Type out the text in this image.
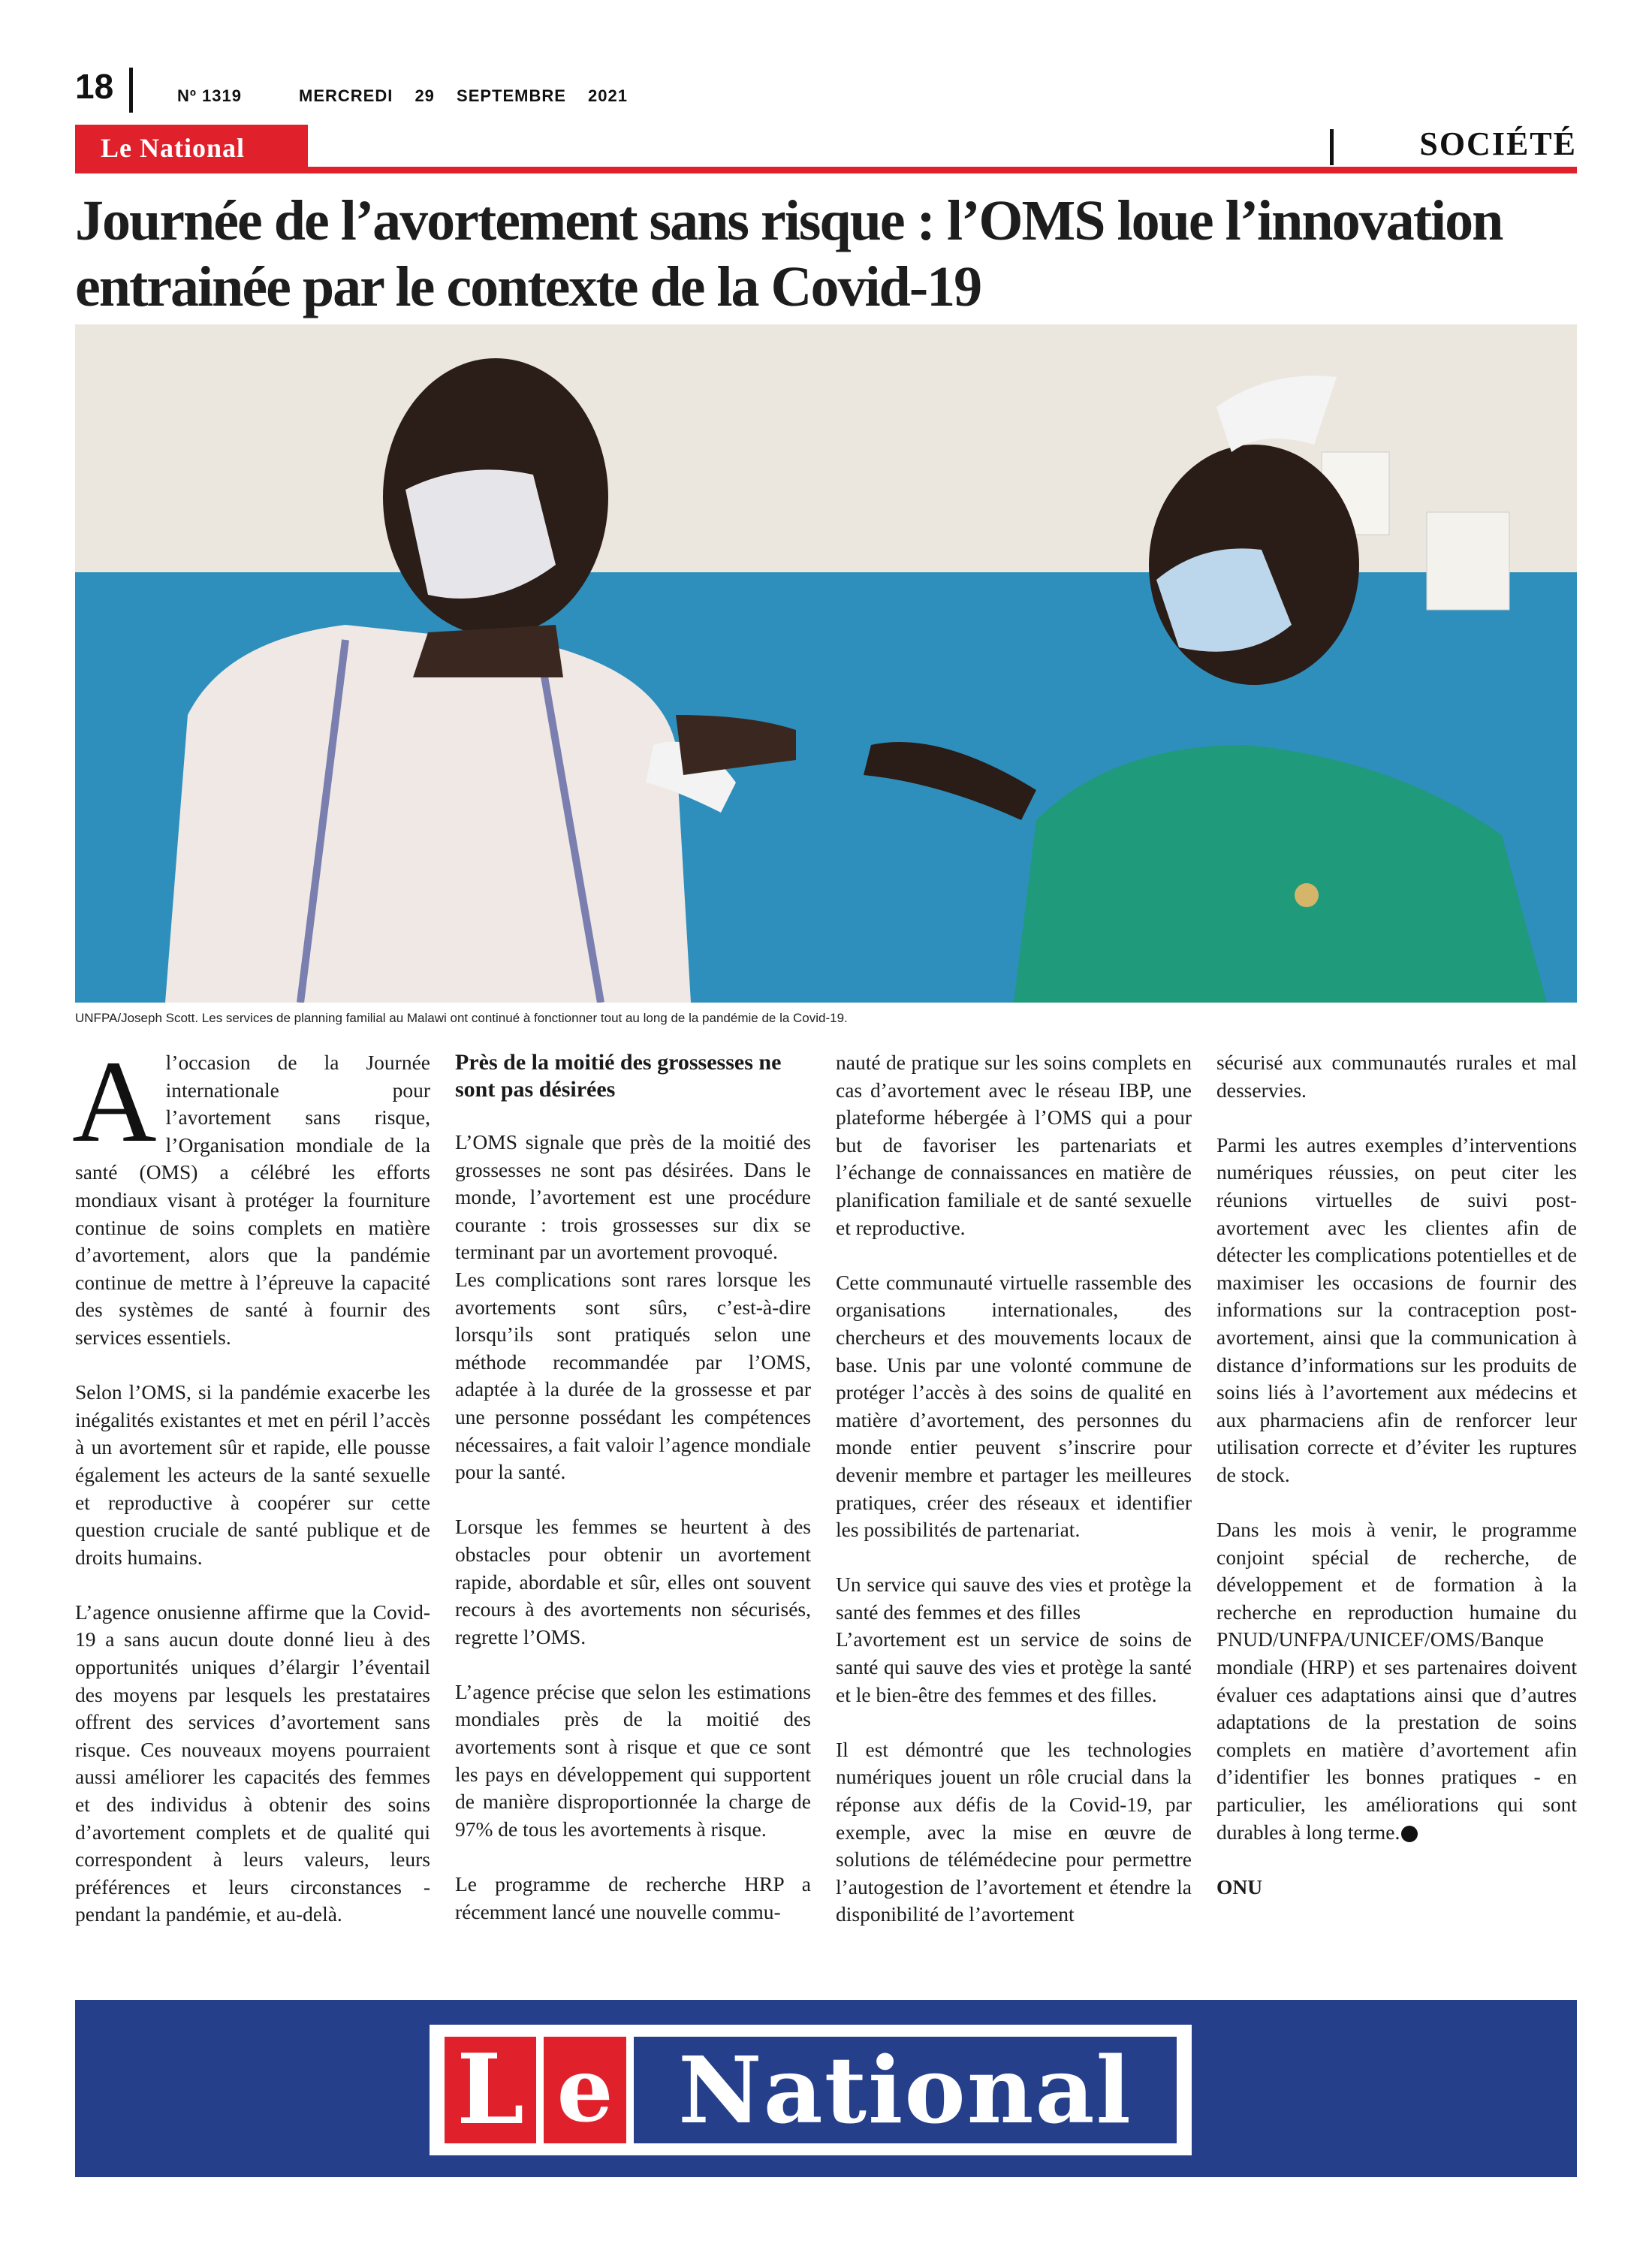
18	Nº 1319	MERCREDI 29 SEPTEMBRE 2021
Le National	SOCIÉTÉ
Journée de l’avortement sans risque : l’OMS loue l’innovation entrainée par le contexte de la Covid-19
UNFPA/Joseph Scott. Les services de planning familial au Malawi ont continué à fonctionner tout au long de la pandémie de la Covid-19.

Al’occasion de la Journée internationale pour l’avortement sans risque, l’Organisation mondiale de la santé (OMS) a célébré les efforts mondiaux visant à protéger la fourniture continue de soins complets en matière d’avortement, alors que la pandémie continue de mettre à l’épreuve la capacité des systèmes de santé à fournir des services essentiels.

Selon l’OMS, si la pandémie exacerbe les inégalités existantes et met en péril l’accès à un avortement sûr et rapide, elle pousse également les acteurs de la santé sexuelle et reproductive à coopérer sur cette question cruciale de santé publique et de droits humains.

L’agence onusienne affirme que la Covid-19 a sans aucun doute donné lieu à des opportunités uniques d’élargir l’éventail des moyens par lesquels les prestataires offrent des services d’avortement sans risque. Ces nouveaux moyens pourraient aussi améliorer les capacités des femmes et des individus à obtenir des soins d’avortement complets et de qualité qui correspondent à leurs valeurs, leurs préférences et leurs circonstances - pendant la pandémie, et au-delà.

Près de la moitié des grossesses ne sont pas désirées

L’OMS signale que près de la moitié des grossesses ne sont pas désirées. Dans le monde, l’avortement est une procédure courante : trois grossesses sur dix se terminant par un avortement provoqué.

Les complications sont rares lorsque les avortements sont sûrs, c’est-à-dire lorsqu’ils sont pratiqués selon une méthode recommandée par l’OMS, adaptée à la durée de la grossesse et par une personne possédant les compétences nécessaires, a fait valoir l’agence mondiale pour la santé.

Lorsque les femmes se heurtent à des obstacles pour obtenir un avortement rapide, abordable et sûr, elles ont souvent recours à des avortements non sécurisés, regrette l’OMS.

L’agence précise que selon les estimations mondiales près de la moitié des avortements sont à risque et que ce sont les pays en développement qui supportent de manière disproportionnée la charge de 97% de tous les avortements à risque.

Le programme de recherche HRP a récemment lancé une nouvelle commu-

nauté de pratique sur les soins complets en cas d’avortement avec le réseau IBP, une plateforme hébergée à l’OMS qui a pour but de favoriser les partenariats et l’échange de connaissances en matière de planification familiale et de santé sexuelle et reproductive.

Cette communauté virtuelle rassemble des organisations internationales, des chercheurs et des mouvements locaux de base. Unis par une volonté commune de protéger l’accès à des soins de qualité en matière d’avortement, des personnes du monde entier peuvent s’inscrire pour devenir membre et partager les meilleures pratiques, créer des réseaux et identifier les possibilités de partenariat.

Un service qui sauve des vies et protège la santé des femmes et des filles

L’avortement est un service de soins de santé qui sauve des vies et protège la santé et le bien-être des femmes et des filles.

Il est démontré que les technologies numériques jouent un rôle crucial dans la réponse aux défis de la Covid-19, par exemple, avec la mise en œuvre de solutions de télémédecine pour permettre l’autogestion de l’avortement et étendre la disponibilité de l’avortement

sécurisé aux communautés rurales et mal desservies.

Parmi les autres exemples d’interventions numériques réussies, on peut citer les réunions virtuelles de suivi post-avortement avec les clientes afin de détecter les complications potentielles et de maximiser les occasions de fournir des informations sur la contraception post-avortement, ainsi que la communication à distance d’informations sur les produits de soins liés à l’avortement aux médecins et aux pharmaciens afin de renforcer leur utilisation correcte et d’éviter les ruptures de stock.

Dans les mois à venir, le programme conjoint spécial de recherche, de développement et de formation à la recherche en reproduction humaine du PNUD/UNFPA/UNICEF/OMS/Banque mondiale (HRP) et ses partenaires doivent évaluer ces adaptations ainsi que d’autres adaptations de la prestation de soins complets en matière d’avortement afin d’identifier les bonnes pratiques - en particulier, les améliorations qui sont durables à long terme.

ONU

L e National
